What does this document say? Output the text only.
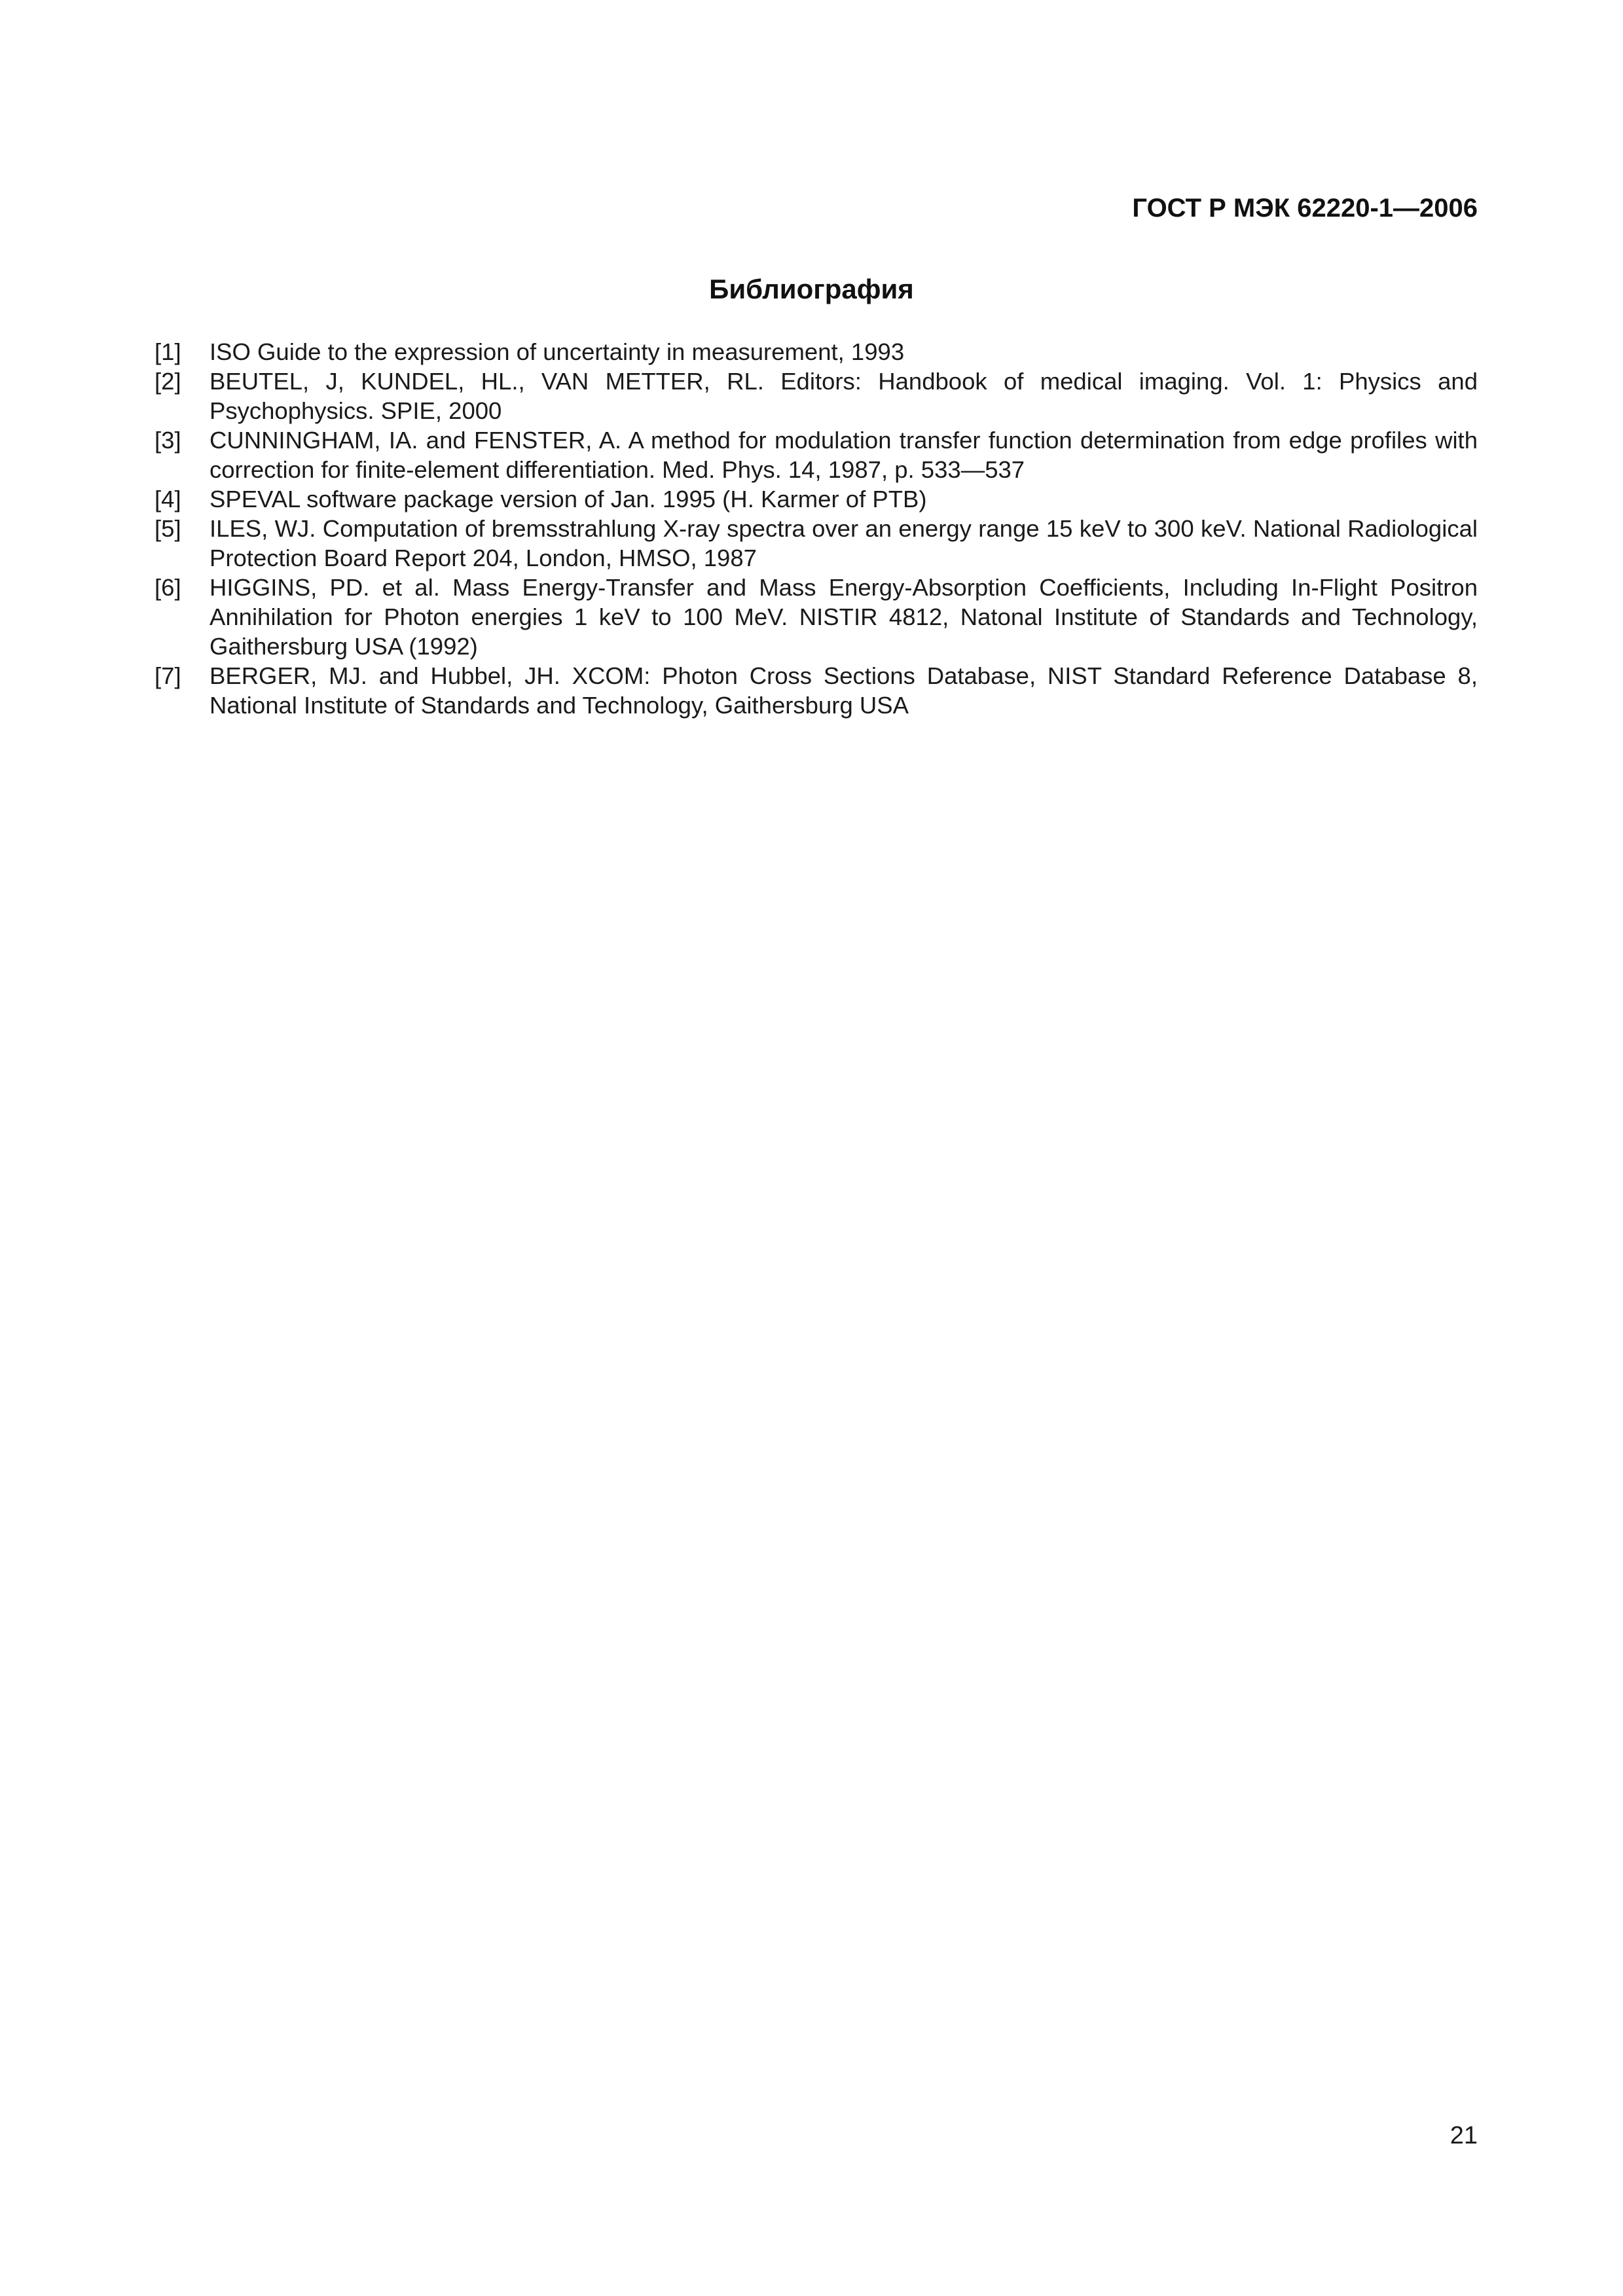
ГОСТ Р МЭК 62220-1—2006
Библиография
[1]	ISO Guide to the expression of uncertainty in measurement, 1993
[2]	BEUTEL, J, KUNDEL, HL., VAN METTER, RL. Editors: Handbook of medical imaging. Vol. 1: Physics and Psychophysics. SPIE, 2000
[3]	CUNNINGHAM, IA. and FENSTER, A. A method for modulation transfer function determination from edge profiles with correction for finite-element differentiation. Med. Phys. 14, 1987, p. 533—537
[4]	SPEVAL software package version of Jan. 1995 (H. Karmer of PTB)
[5]	ILES, WJ. Computation of bremsstrahlung X-ray spectra over an energy range 15 keV to 300 keV. National Radiological Protection Board Report 204, London, HMSO, 1987
[6]	HIGGINS, PD. et al. Mass Energy-Transfer and Mass Energy-Absorption Coefficients, Including In-Flight Positron Annihilation for Photon energies 1 keV to 100 MeV. NISTIR 4812, Natonal Institute of Standards and Technology, Gaithersburg USA (1992)
[7]	BERGER, MJ. and Hubbel, JH. XCOM: Photon Cross Sections Database, NIST Standard Reference Database 8, National Institute of Standards and Technology, Gaithersburg USA
21
